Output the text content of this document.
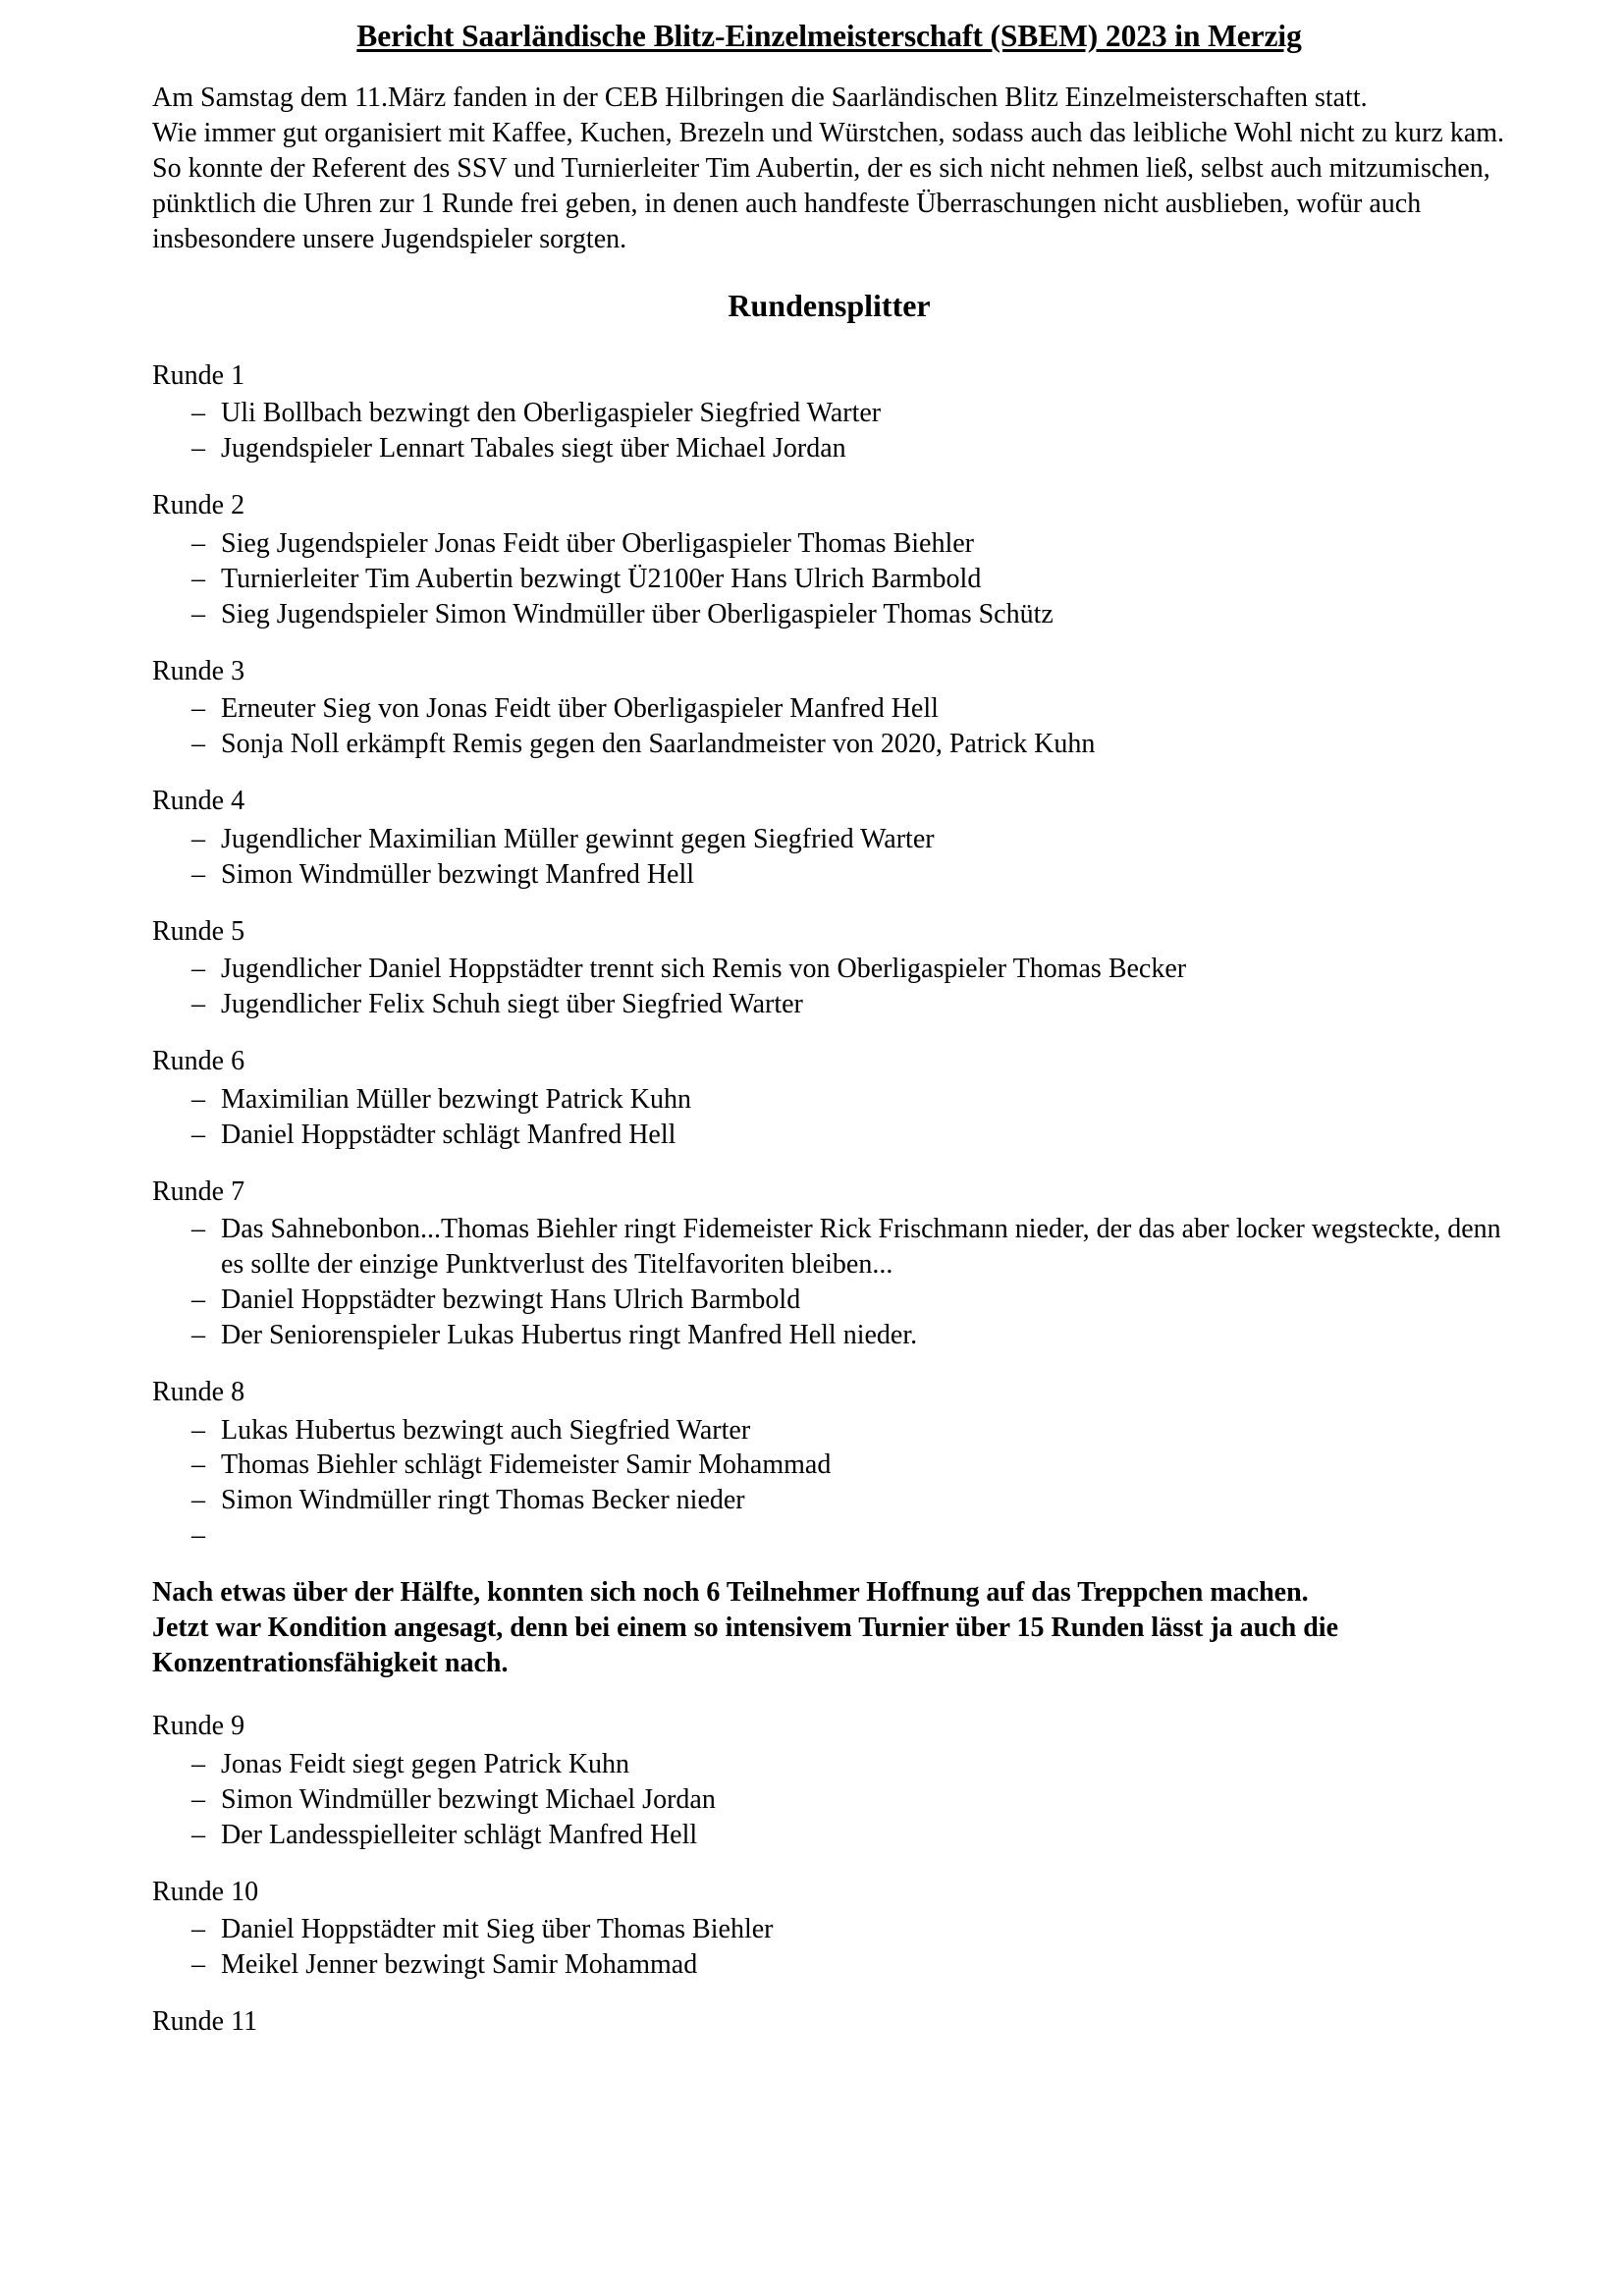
Bericht Saarländische Blitz-Einzelmeisterschaft (SBEM) 2023 in Merzig

Am Samstag dem 11.März fanden in der CEB Hilbringen die Saarländischen Blitz Einzelmeisterschaften statt.

Wie immer gut organisiert mit Kaffee, Kuchen, Brezeln und Würstchen, sodass auch das leibliche Wohl nicht zu kurz kam.

So konnte der Referent des SSV und Turnierleiter Tim Aubertin, der es sich nicht nehmen ließ, selbst auch mitzumischen, pünktlich die Uhren zur 1 Runde frei geben, in denen auch handfeste Überraschungen nicht ausblieben, wofür auch insbesondere unsere Jugendspieler sorgten.

Rundensplitter
Runde 1
– Uli Bollbach bezwingt den Oberligaspieler Siegfried Warter
– Jugendspieler Lennart Tabales siegt über Michael Jordan
Runde 2
– Sieg Jugendspieler Jonas Feidt über Oberligaspieler Thomas Biehler
– Turnierleiter Tim Aubertin bezwingt Ü2100er Hans Ulrich Barmbold
– Sieg Jugendspieler Simon Windmüller über Oberligaspieler Thomas Schütz
Runde 3
– Erneuter Sieg von Jonas Feidt über Oberligaspieler Manfred Hell
– Sonja Noll erkämpft Remis gegen den Saarlandmeister von 2020, Patrick Kuhn
Runde 4
– Jugendlicher Maximilian Müller gewinnt gegen Siegfried Warter
– Simon Windmüller bezwingt Manfred Hell
Runde 5
– Jugendlicher Daniel Hoppstädter trennt sich Remis von Oberligaspieler Thomas Becker
– Jugendlicher Felix Schuh siegt über Siegfried Warter
Runde 6
– Maximilian Müller bezwingt Patrick Kuhn
– Daniel Hoppstädter schlägt Manfred Hell
Runde 7
– Das Sahnebonbon...Thomas Biehler ringt Fidemeister Rick Frischmann nieder, der das aber locker wegsteckte, denn es sollte der einzige Punktverlust des Titelfavoriten bleiben...
– Daniel Hoppstädter bezwingt Hans Ulrich Barmbold
– Der Seniorenspieler Lukas Hubertus ringt Manfred Hell nieder.
Runde 8
– Lukas Hubertus bezwingt auch Siegfried Warter
– Thomas Biehler schlägt Fidemeister Samir Mohammad
– Simon Windmüller ringt Thomas Becker nieder
–

Nach etwas über der Hälfte, konnten sich noch 6 Teilnehmer Hoffnung auf das Treppchen machen.

Jetzt war Kondition angesagt, denn bei einem so intensivem Turnier über 15 Runden lässt ja auch die Konzentrationsfähigkeit nach.

Runde 9
– Jonas Feidt siegt gegen Patrick Kuhn
– Simon Windmüller bezwingt Michael Jordan
– Der Landesspielleiter schlägt Manfred Hell
Runde 10
– Daniel Hoppstädter mit Sieg über Thomas Biehler
– Meikel Jenner bezwingt Samir Mohammad
Runde 11
